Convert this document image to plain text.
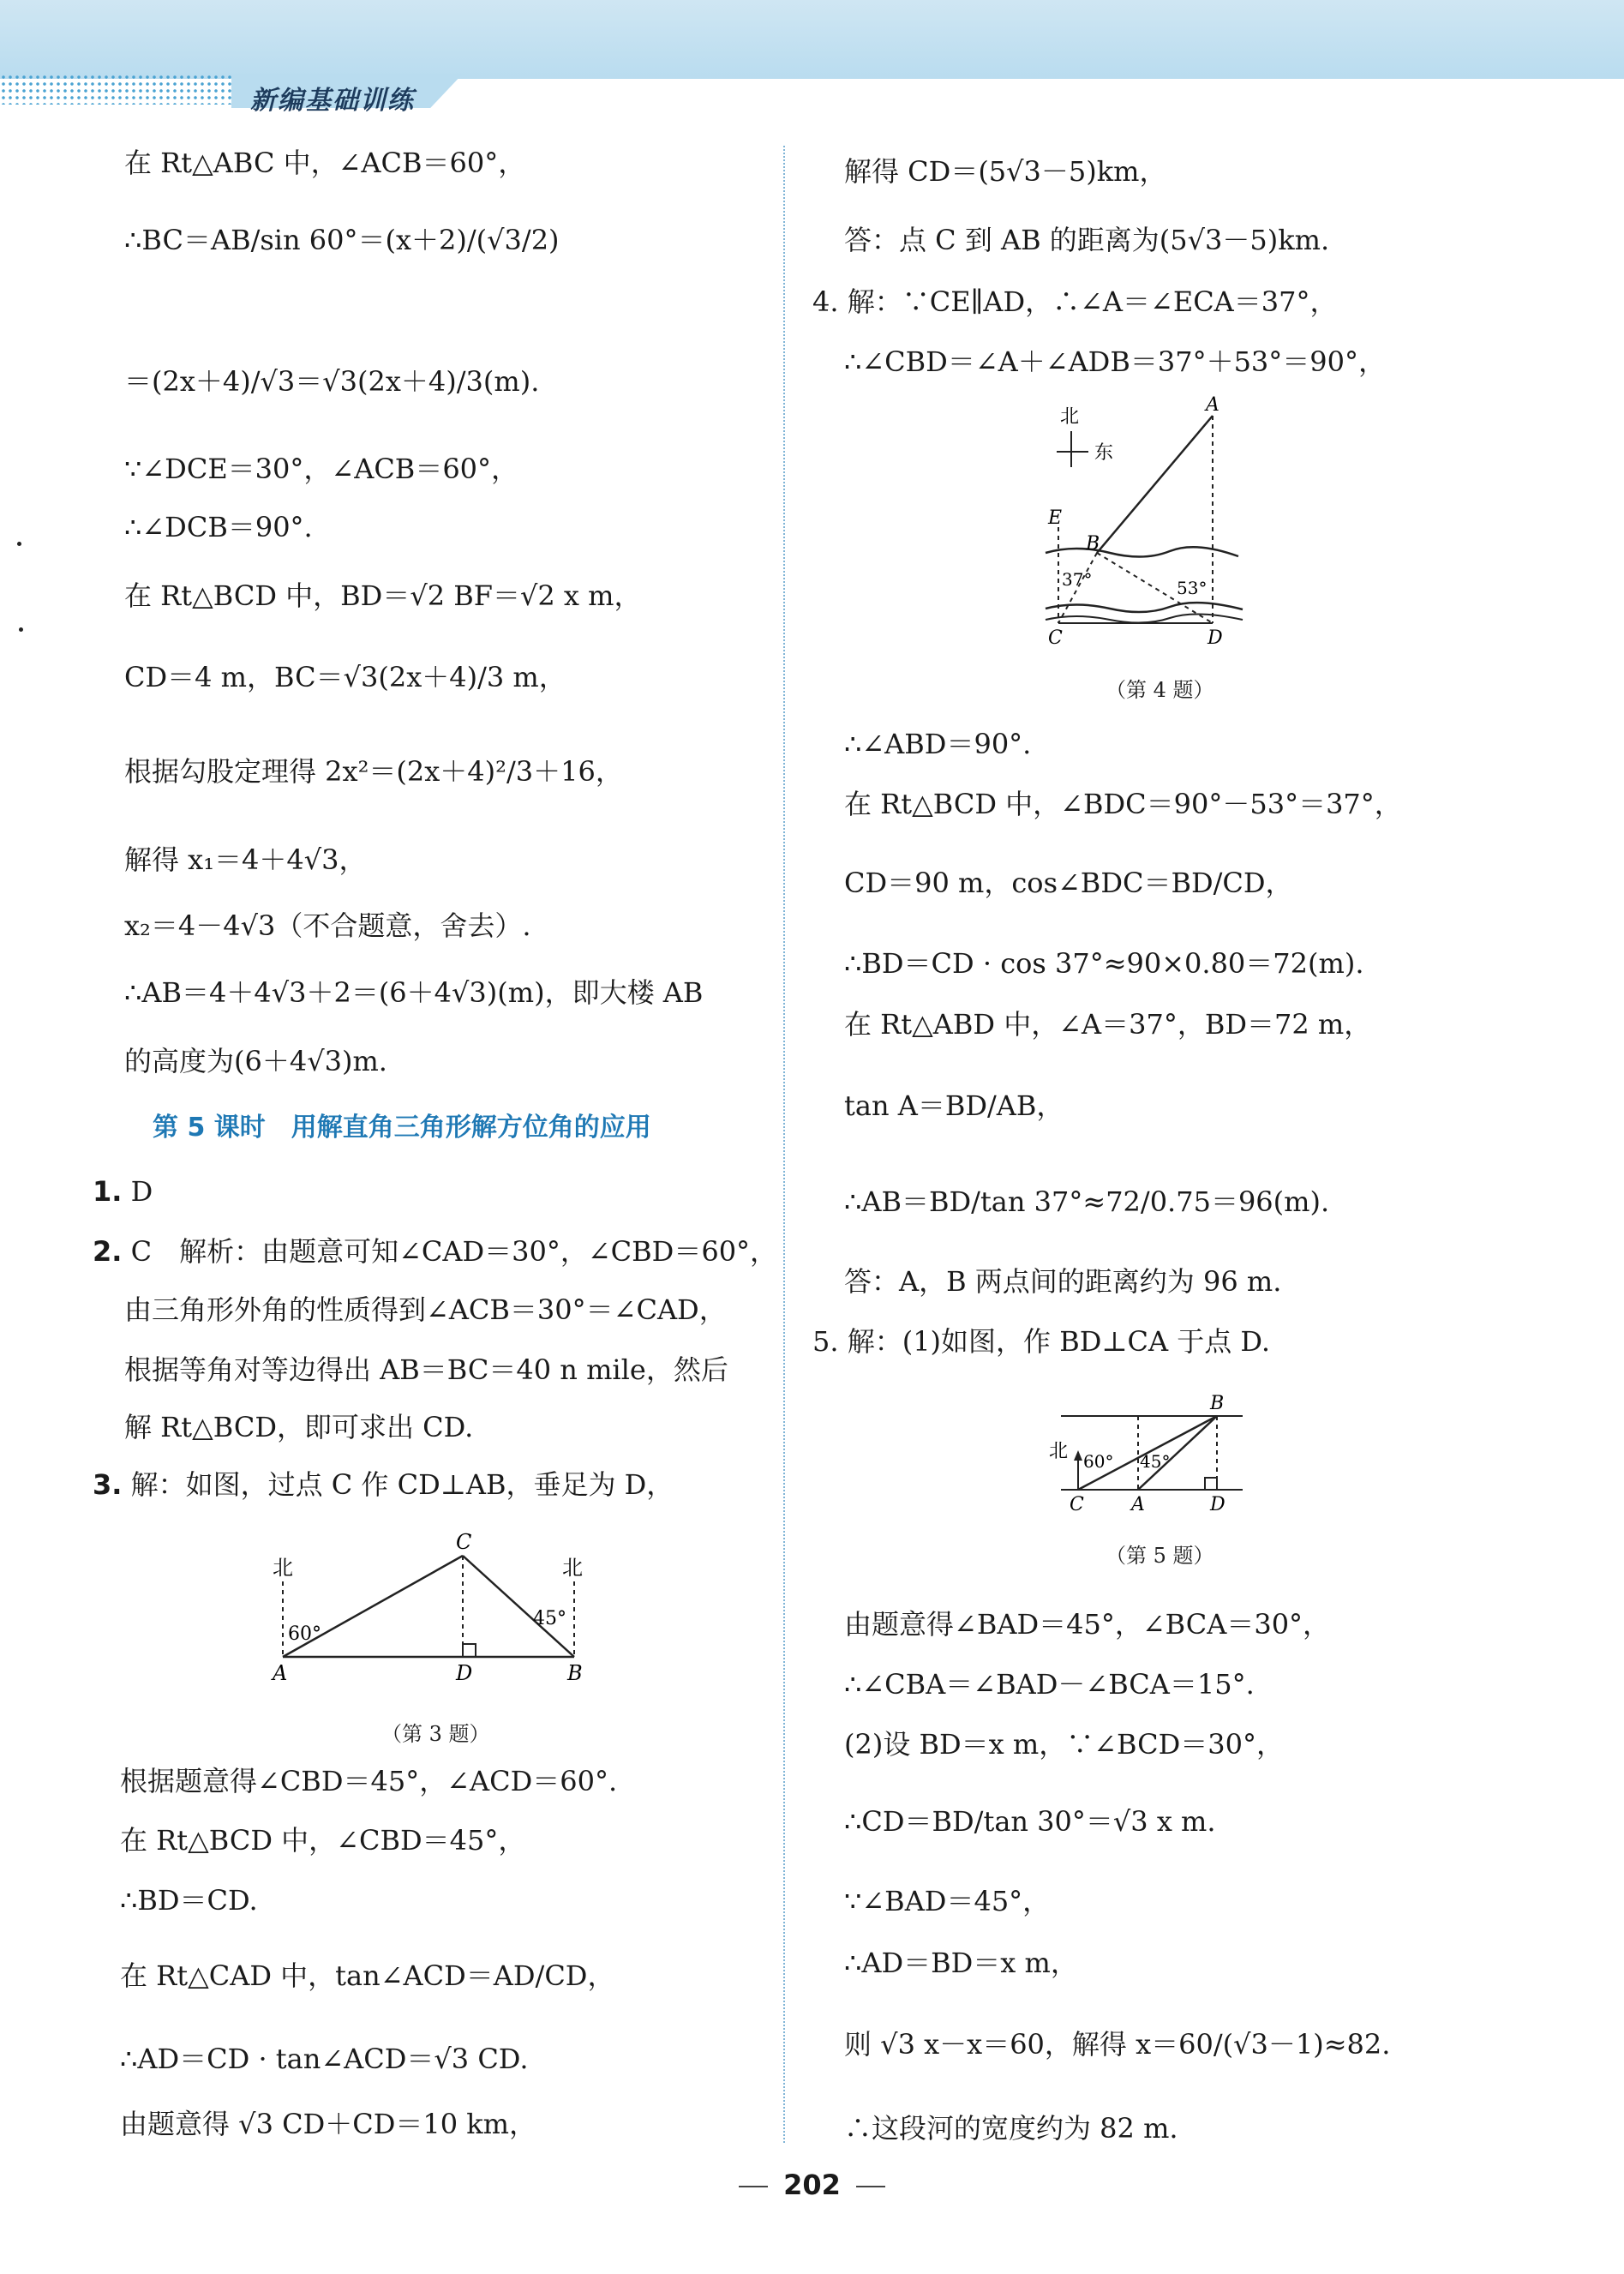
新编基础训练
在 Rt△ABC 中，∠ACB＝60°，
∴BC＝AB/sin 60°＝(x＋2)/(√3/2)
＝(2x＋4)/√3＝√3(2x＋4)/3(m).
∵∠DCE＝30°，∠ACB＝60°，
∴∠DCB＝90°.
在 Rt△BCD 中，BD＝√2 BF＝√2 x m，
CD＝4 m，BC＝√3(2x＋4)/3 m，
根据勾股定理得 2x²＝(2x＋4)²/3＋16，
解得 x₁＝4＋4√3，
x₂＝4－4√3（不合题意，舍去）.
∴AB＝4＋4√3＋2＝(6＋4√3)(m)，即大楼 AB
的高度为(6＋4√3)m.
第 5 课时　用解直角三角形解方位角的应用
1. D
2. C　解析：由题意可知∠CAD＝30°，∠CBD＝60°，
由三角形外角的性质得到∠ACB＝30°＝∠CAD，
根据等角对等边得出 AB＝BC＝40 n mile，然后
解 Rt△BCD，即可求出 CD.
3. 解：如图，过点 C 作 CD⊥AB，垂足为 D，
北	北
60°
45°
C
A	D	B
（第 3 题）
根据题意得∠CBD＝45°，∠ACD＝60°.
在 Rt△BCD 中，∠CBD＝45°，
∴BD＝CD.
在 Rt△CAD 中，tan∠ACD＝AD/CD，
∴AD＝CD · tan∠ACD＝√3 CD.
由题意得 √3 CD＋CD＝10 km，
解得 CD＝(5√3－5)km，
答：点 C 到 AB 的距离为(5√3－5)km.
4. 解：∵CE∥AD，∴∠A＝∠ECA＝37°，
∴∠CBD＝∠A＋∠ADB＝37°＋53°＝90°，
北
东
E
A
B
37°	53°
C	D
（第 4 题）
∴∠ABD＝90°.
在 Rt△BCD 中，∠BDC＝90°－53°＝37°，
CD＝90 m，cos∠BDC＝BD/CD，
∴BD＝CD · cos 37°≈90×0.80＝72(m).
在 Rt△ABD 中，∠A＝37°，BD＝72 m，
tan A＝BD/AB，
∴AB＝BD/tan 37°≈72/0.75＝96(m).
答：A，B 两点间的距离约为 96 m.
5. 解：(1)如图，作 BD⊥CA 于点 D.
北 60° 45°
B
C	A	D
（第 5 题）
由题意得∠BAD＝45°，∠BCA＝30°，
∴∠CBA＝∠BAD－∠BCA＝15°.
(2)设 BD＝x m，∵∠BCD＝30°，
∴CD＝BD/tan 30°＝√3 x m.
∵∠BAD＝45°，
∴AD＝BD＝x m，
则 √3 x－x＝60，解得 x＝60/(√3－1)≈82.
∴这段河的宽度约为 82 m.
202
